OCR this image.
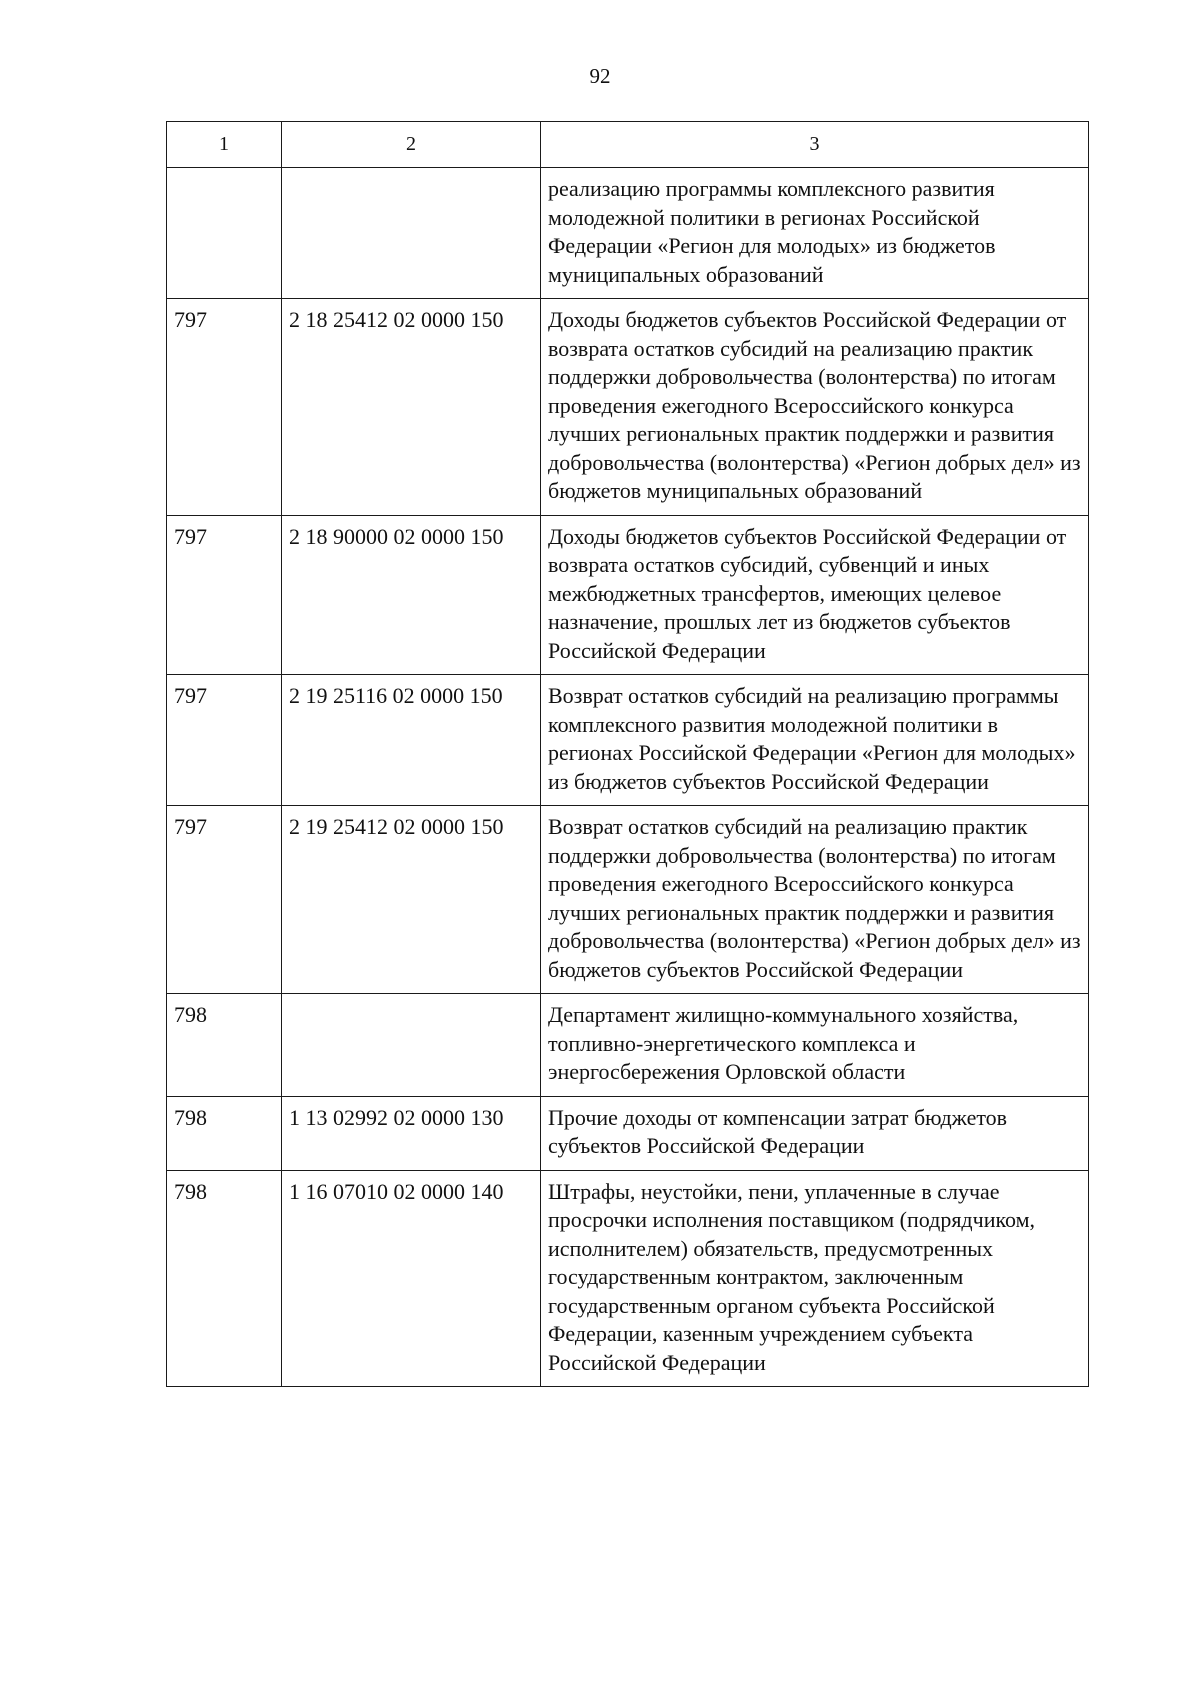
92
1	2	3
		реализацию программы комплексного развития молодежной политики в регионах Российской Федерации «Регион для молодых» из бюджетов муниципальных образований
797	2 18 25412 02 0000 150	Доходы бюджетов субъектов Российской Федерации от возврата остатков субсидий на реализацию практик поддержки добровольчества (волонтерства) по итогам проведения ежегодного Всероссийского конкурса лучших региональных практик поддержки и развития добровольчества (волонтерства) «Регион добрых дел» из бюджетов муниципальных образований
797	2 18 90000 02 0000 150	Доходы бюджетов субъектов Российской Федерации от возврата остатков субсидий, субвенций и иных межбюджетных трансфертов, имеющих целевое назначение, прошлых лет из бюджетов субъектов Российской Федерации
797	2 19 25116 02 0000 150	Возврат остатков субсидий на реализацию программы комплексного развития молодежной политики в регионах Российской Федерации «Регион для молодых» из бюджетов субъектов Российской Федерации
797	2 19 25412 02 0000 150	Возврат остатков субсидий на реализацию практик поддержки добровольчества (волонтерства) по итогам проведения ежегодного Всероссийского конкурса лучших региональных практик поддержки и развития добровольчества (волонтерства) «Регион добрых дел» из бюджетов субъектов Российской Федерации
798		Департамент жилищно-коммунального хозяйства, топливно-энергетического комплекса и энергосбережения Орловской области
798	1 13 02992 02 0000 130	Прочие доходы от компенсации затрат бюджетов субъектов Российской Федерации
798	1 16 07010 02 0000 140	Штрафы, неустойки, пени, уплаченные в случае просрочки исполнения поставщиком (подрядчиком, исполнителем) обязательств, предусмотренных государственным контрактом, заключенным государственным органом субъекта Российской Федерации, казенным учреждением субъекта Российской Федерации
